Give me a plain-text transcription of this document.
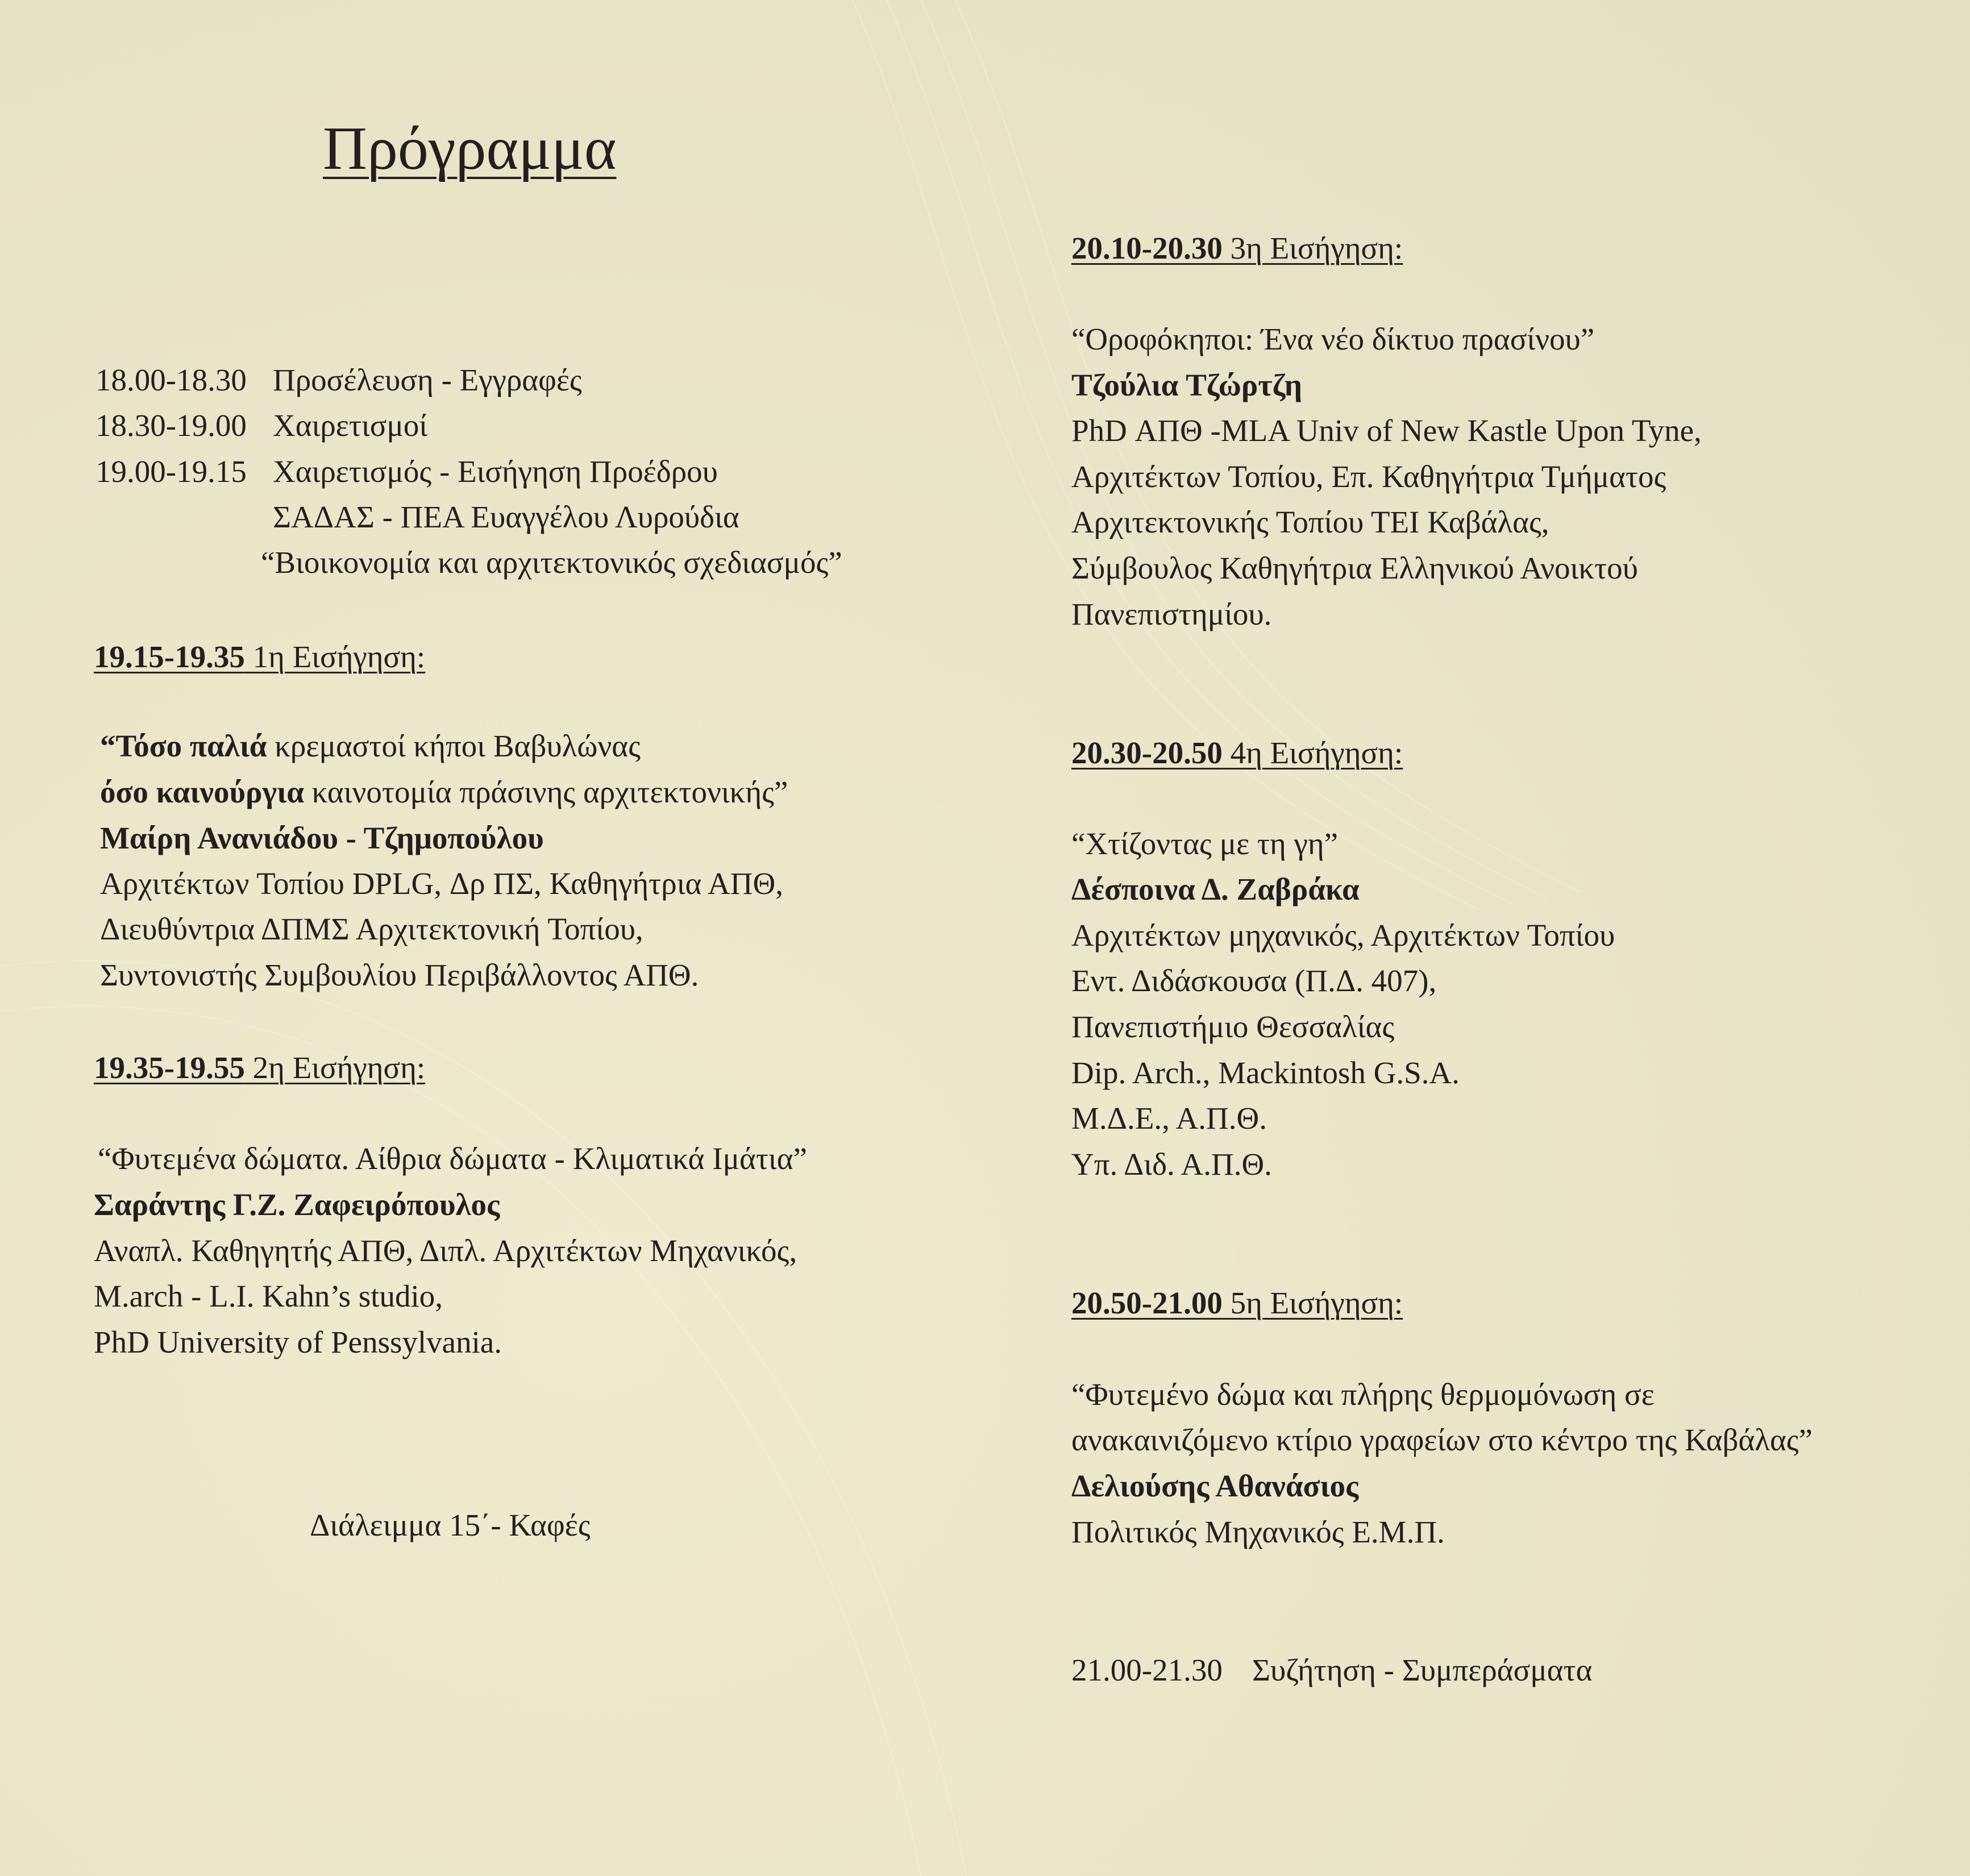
Πρόγραμμα
18.00-18.30 Προσέλευση - Εγγραφές
18.30-19.00 Χαιρετισμοί
19.00-19.15 Χαιρετισμός - Εισήγηση Προέδρου
ΣΑΔΑΣ - ΠΕΑ Ευαγγέλου Λυρούδια
“Βιοικονομία και αρχιτεκτονικός σχεδιασμός”
19.15-19.35 1η Εισήγηση:
“Τόσο παλιά κρεμαστοί κήποι Βαβυλώνας
όσο καινούργια καινοτομία πράσινης αρχιτεκτονικής”
Μαίρη Ανανιάδου - Τζημοπούλου
Αρχιτέκτων Τοπίου DPLG, Δρ ΠΣ, Καθηγήτρια ΑΠΘ,
Διευθύντρια ΔΠΜΣ Αρχιτεκτονική Τοπίου,
Συντονιστής Συμβουλίου Περιβάλλοντος ΑΠΘ.
19.35-19.55 2η Εισήγηση:
“Φυτεμένα δώματα. Αίθρια δώματα - Κλιματικά Ιμάτια”
Σαράντης Γ.Ζ. Ζαφειρόπουλος
Αναπλ. Καθηγητής ΑΠΘ, Διπλ. Αρχιτέκτων Μηχανικός,
M.arch - L.I. Kahn’s studio,
PhD University of Penssylvania.
Διάλειμμα 15΄- Καφές
20.10-20.30 3η Εισήγηση:
“Οροφόκηποι: Ένα νέο δίκτυο πρασίνου”
Τζούλια Τζώρτζη
PhD ΑΠΘ -MLA Univ of New Kastle Upon Tyne,
Αρχιτέκτων Τοπίου, Επ. Καθηγήτρια Τμήματος
Αρχιτεκτονικής Τοπίου ΤΕΙ Καβάλας,
Σύμβουλος Καθηγήτρια Ελληνικού Ανοικτού
Πανεπιστημίου.
20.30-20.50 4η Εισήγηση:
“Χτίζοντας με τη γη”
Δέσποινα Δ. Ζαβράκα
Αρχιτέκτων μηχανικός, Αρχιτέκτων Τοπίου
Εντ. Διδάσκουσα (Π.Δ. 407),
Πανεπιστήμιο Θεσσαλίας
Dip. Arch., Mackintosh G.S.A.
Μ.Δ.Ε., Α.Π.Θ.
Υπ. Διδ. Α.Π.Θ.
20.50-21.00 5η Εισήγηση:
“Φυτεμένο δώμα και πλήρης θερμομόνωση σε
ανακαινιζόμενο κτίριο γραφείων στο κέντρο της Καβάλας”
Δελιούσης Αθανάσιος
Πολιτικός Μηχανικός Ε.Μ.Π.
21.00-21.30 Συζήτηση - Συμπεράσματα
